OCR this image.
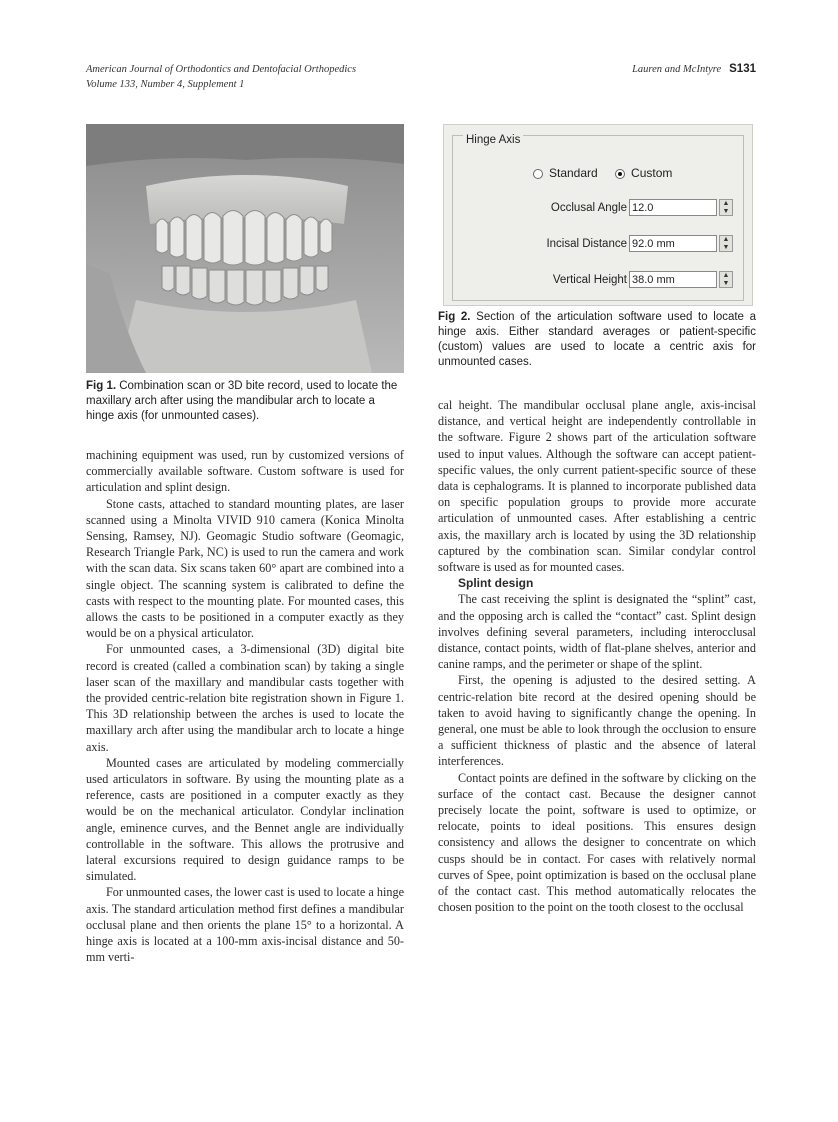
American Journal of Orthodontics and Dentofacial Orthopedics
Volume 133, Number 4, Supplement 1
Lauren and McIntyre S131
Fig 1. Combination scan or 3D bite record, used to locate the maxillary arch after using the mandibular arch to locate a hinge axis (for unmounted cases).
Hinge Axis
Standard	Custom
Occlusal Angle 12.0	▲
▼
Incisal Distance 92.0 mm	▲
▼
Vertical Height 38.0 mm	▲
▼
Fig 2. Section of the articulation software used to locate a hinge axis. Either standard averages or patient-specific (custom) values are used to locate a centric axis for unmounted cases.

machining equipment was used, run by customized versions of commercially available software. Custom software is used for articulation and splint design.

Stone casts, attached to standard mounting plates, are laser scanned using a Minolta VIVID 910 camera (Konica Minolta Sensing, Ramsey, NJ). Geomagic Studio software (Geomagic, Research Triangle Park, NC) is used to run the camera and work with the scan data. Six scans taken 60° apart are combined into a single object. The scanning system is calibrated to define the casts with respect to the mounting plate. For mounted cases, this allows the casts to be positioned in a computer exactly as they would be on a physical articulator.

For unmounted cases, a 3-dimensional (3D) digital bite record is created (called a combination scan) by taking a single laser scan of the maxillary and mandibular casts together with the provided centric-relation bite registration shown in Figure 1. This 3D relationship between the arches is used to locate the maxillary arch after using the mandibular arch to locate a hinge axis.

Mounted cases are articulated by modeling commercially used articulators in software. By using the mounting plate as a reference, casts are positioned in a computer exactly as they would be on the mechanical articulator. Condylar inclination angle, eminence curves, and the Bennet angle are individually controllable in the software. This allows the protrusive and lateral excursions required to design guidance ramps to be simulated.

For unmounted cases, the lower cast is used to locate a hinge axis. The standard articulation method first defines a mandibular occlusal plane and then orients the plane 15° to a horizontal. A hinge axis is located at a 100-mm axis-incisal distance and 50-mm verti-

cal height. The mandibular occlusal plane angle, axis-incisal distance, and vertical height are independently controllable in the software. Figure 2 shows part of the articulation software used to input values. Although the software can accept patient-specific values, the only current patient-specific source of these data is cephalograms. It is planned to incorporate published data on specific population groups to provide more accurate articulation of unmounted cases. After establishing a centric axis, the maxillary arch is located by using the 3D relationship captured by the combination scan. Similar condylar control software is used as for mounted cases.

Splint design

The cast receiving the splint is designated the “splint” cast, and the opposing arch is called the “contact” cast. Splint design involves defining several parameters, including interocclusal distance, contact points, width of flat-plane shelves, anterior and canine ramps, and the perimeter or shape of the splint.

First, the opening is adjusted to the desired setting. A centric-relation bite record at the desired opening should be taken to avoid having to significantly change the opening. In general, one must be able to look through the occlusion to ensure a sufficient thickness of plastic and the absence of lateral interferences.

Contact points are defined in the software by clicking on the surface of the contact cast. Because the designer cannot precisely locate the point, software is used to optimize, or relocate, points to ideal positions. This ensures design consistency and allows the designer to concentrate on which cusps should be in contact. For cases with relatively normal curves of Spee, point optimization is based on the occlusal plane of the contact cast. This method automatically relocates the chosen position to the point on the tooth closest to the occlusal
